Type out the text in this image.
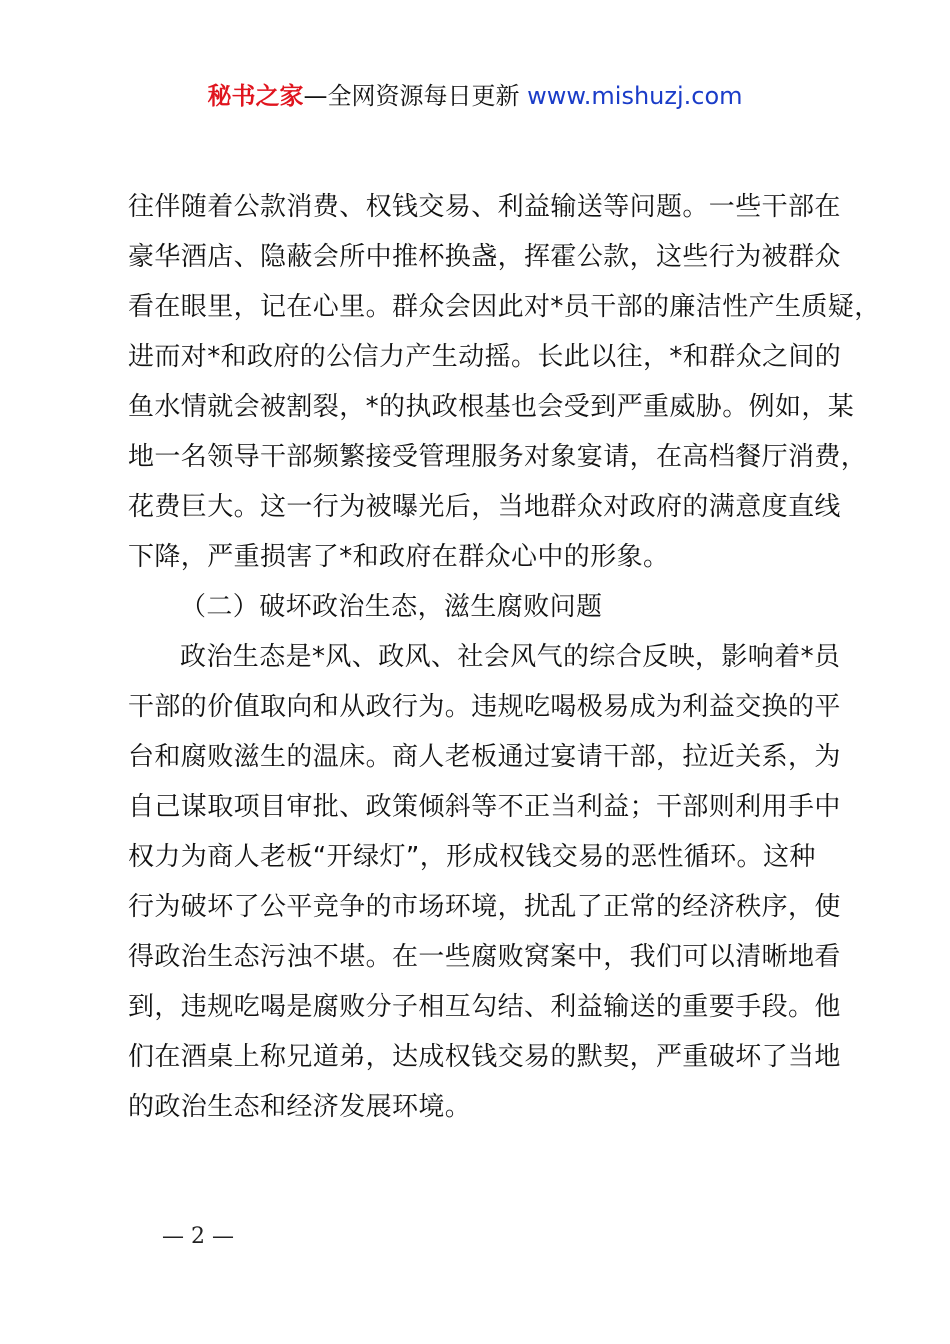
秘书之家—全网资源每日更新 www.mishuzj.com
往伴随着公款消费、权钱交易、利益输送等问题。一些干部在
豪华酒店、隐蔽会所中推杯换盏，挥霍公款，这些行为被群众
看在眼里，记在心里。群众会因此对*员干部的廉洁性产生质疑，
进而对*和政府的公信力产生动摇。长此以往，*和群众之间的
鱼水情就会被割裂，*的执政根基也会受到严重威胁。例如，某
地一名领导干部频繁接受管理服务对象宴请，在高档餐厅消费，
花费巨大。这一行为被曝光后，当地群众对政府的满意度直线
下降，严重损害了*和政府在群众心中的形象。
（二）破坏政治生态，滋生腐败问题
政治生态是*风、政风、社会风气的综合反映，影响着*员
干部的价值取向和从政行为。违规吃喝极易成为利益交换的平
台和腐败滋生的温床。商人老板通过宴请干部，拉近关系，为
自己谋取项目审批、政策倾斜等不正当利益；干部则利用手中
权力为商人老板“开绿灯”，形成权钱交易的恶性循环。这种
行为破坏了公平竞争的市场环境，扰乱了正常的经济秩序，使
得政治生态污浊不堪。在一些腐败窝案中，我们可以清晰地看
到，违规吃喝是腐败分子相互勾结、利益输送的重要手段。他
们在酒桌上称兄道弟，达成权钱交易的默契，严重破坏了当地
的政治生态和经济发展环境。
— 2 —
